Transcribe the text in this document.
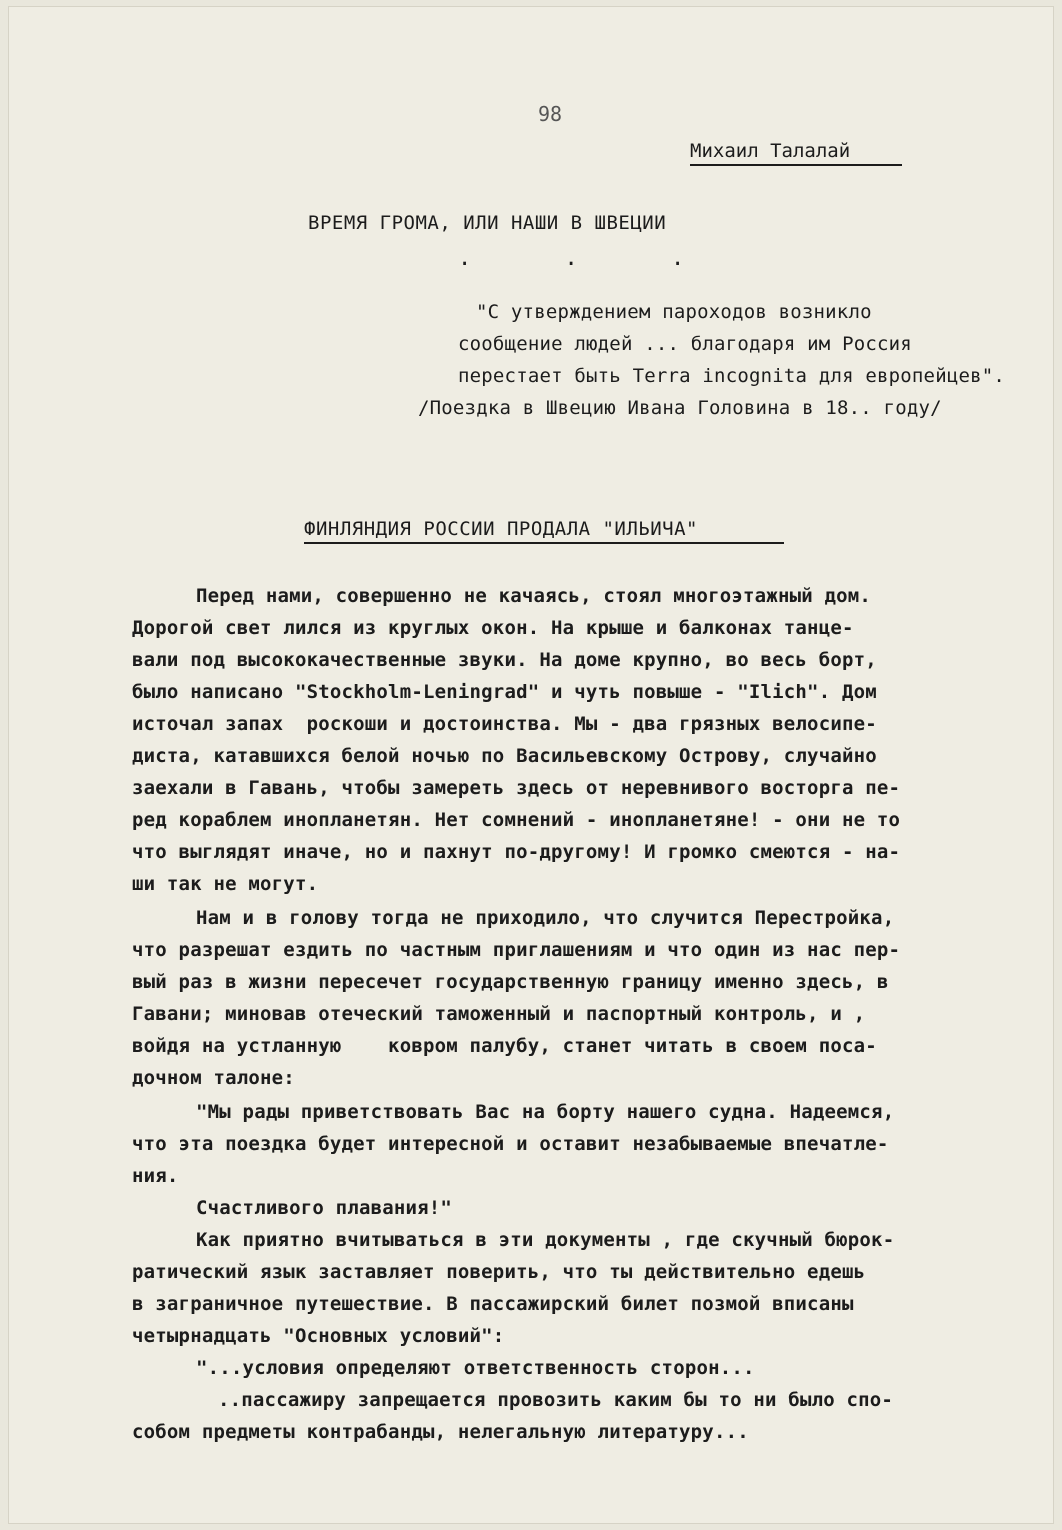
98
Михаил Талалай
ВРЕМЯ ГРОМА, ИЛИ НАШИ В ШВЕЦИИ
. . .
"С утверждением пароходов возникло
сообщение людей ... благодаря им Россия
перестает быть Terra incognita для европейцев".
/Поездка в Швецию Ивана Головина в 18.. году/
ФИНЛЯНДИЯ РОССИИ ПРОДАЛА "ИЛЬИЧА"
Перед нами, совершенно не качаясь, стоял многоэтажный дом.
Дорогой свет лился из круглых окон. На крыше и балконах танце-
вали под высококачественные звуки. На доме крупно, во весь борт,
было написано "Stockholm-Leningrad" и чуть повыше - "Ilich". Дом
источал запах  роскоши и достоинства. Мы - два грязных велосипе-
диста, катавшихся белой ночью по Васильевскому Острову, случайно
заехали в Гавань, чтобы замереть здесь от неревнивого восторга пе-
ред кораблем инопланетян. Нет сомнений - инопланетяне! - они не то
что выглядят иначе, но и пахнут по-другому! И громко смеются - на-
ши так не могут.
Нам и в голову тогда не приходило, что случится Перестройка,
что разрешат ездить по частным приглашениям и что один из нас пер-
вый раз в жизни пересечет государственную границу именно здесь, в
Гавани; миновав отеческий таможенный и паспортный контроль, и ,
войдя на устланную    ковром палубу, станет читать в своем поса-
дочном талоне:
"Мы рады приветствовать Вас на борту нашего судна. Надеемся,
что эта поездка будет интересной и оставит незабываемые впечатле-
ния.
Счастливого плавания!"
Как приятно вчитываться в эти документы , где скучный бюрок-
ратический язык заставляет поверить, что ты действительно едешь
в заграничное путешествие. В пассажирский билет позмой вписаны
четырнадцать "Основных условий":
"...условия определяют ответственность сторон...
..пассажиру запрещается провозить каким бы то ни было спо-
собом предметы контрабанды, нелегальную литературу...
